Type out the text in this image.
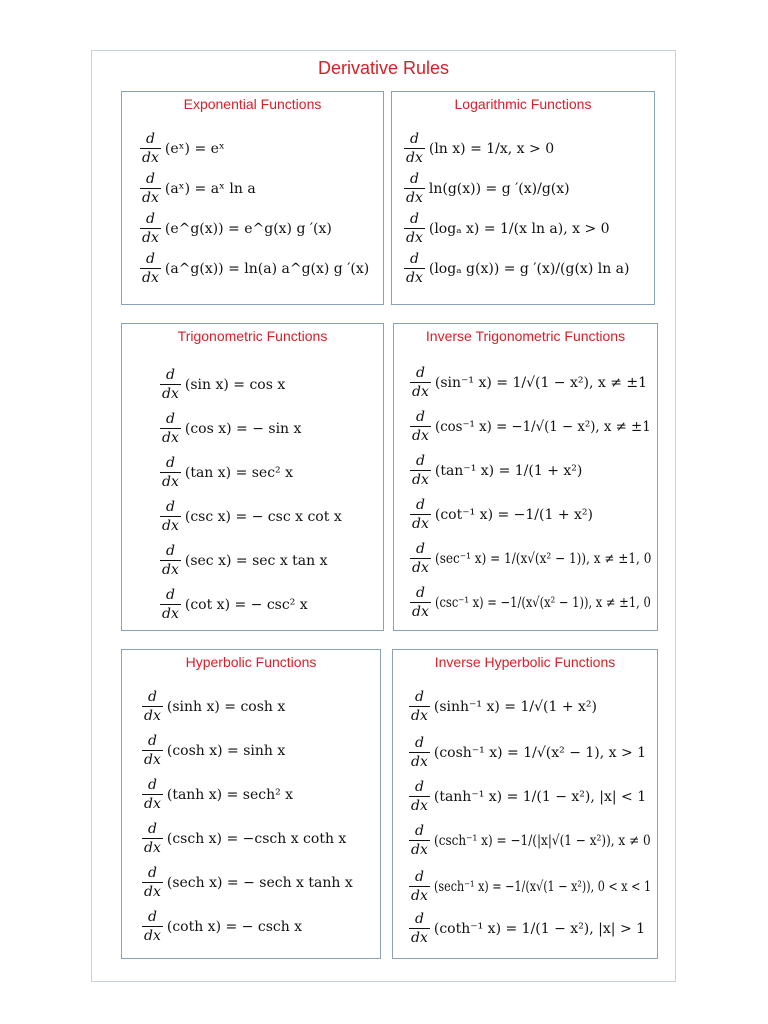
Derivative Rules
Exponential Functions
$\frac{d}{dx}$ (eˣ) = eˣ
$\frac{d}{dx}$ (aˣ) = aˣ ln a
$\frac{d}{dx}$ (e^g(x)) = e^g(x) g ′(x)
$\frac{d}{dx}$ (a^g(x)) = ln(a) a^g(x) g ′(x)
Logarithmic Functions
$\frac{d}{dx} (\ln$ x) = 1/x, x > 0
$\frac{d}{dx} \ln(g(x)) = g$ ′(x)/g(x)
$\frac{d}{dx} (\log_a$ x) = 1/(x ln a), x > 0
$\frac{d}{dx} (\log_a$ g(x)) = g ′(x)/(g(x) ln a)
Trigonometric Functions
$\frac{d}{dx} (\sin$ x) = cos x
$\frac{d}{dx} (\cos$ x) = − sin x
$\frac{d}{dx} (\tan$ x) = sec² x
$\frac{d}{dx} (\csc$ x) = − csc x cot x
$\frac{d}{dx} (\sec$ x) = sec x tan x
$\frac{d}{dx} (\cot$ x) = − csc² x
Inverse Trigonometric Functions
$\frac{d}{dx} (\sin^{-1}$ x) = 1/√(1 − x²), x ≠ ±1
$\frac{d}{dx} (\cos^{-1}$ x) = −1/√(1 − x²), x ≠ ±1
$\frac{d}{dx} (\tan^{-1}$ x) = 1/(1 + x²)
$\frac{d}{dx} (\cot^{-1}$ x) = −1/(1 + x²)
$\frac{d}{dx} (\sec^{-1}$ x) = 1/(x√(x² − 1)), x ≠ ±1, 0
$\frac{d}{dx} (\csc^{-1}$ x) = −1/(x√(x² − 1)), x ≠ ±1, 0
Hyperbolic Functions
$\frac{d}{dx} (\sinh$ x) = cosh x
$\frac{d}{dx} (\cosh$ x) = sinh x
$\frac{d}{dx} (\tanh$ x) = sech² x
$\frac{d}{dx} (\csc h$ x) = −csch x coth x
$\frac{d}{dx} (\sec h$ x) = − sech x tanh x
$\frac{d}{dx} (\cot h$ x) = − csch x
Inverse Hyperbolic Functions
$\frac{d}{dx} (\sinh^{-1}$ x) = 1/√(1 + x²)
$\frac{d}{dx} (\cosh^{-1}$ x) = 1/√(x² − 1), x > 1
$\frac{d}{dx} (\tanh^{-1}$ x) = 1/(1 − x²), |x| < 1
$\frac{d}{dx} (\csc h^{-1}$ x) = −1/(|x|√(1 − x²)), x ≠ 0
$\frac{d}{dx} (\sec h^{-1}$ x) = −1/(x√(1 − x²)), 0 < x < 1
$\frac{d}{dx} (\cot h^{-1}$ x) = 1/(1 − x²), |x| > 1
